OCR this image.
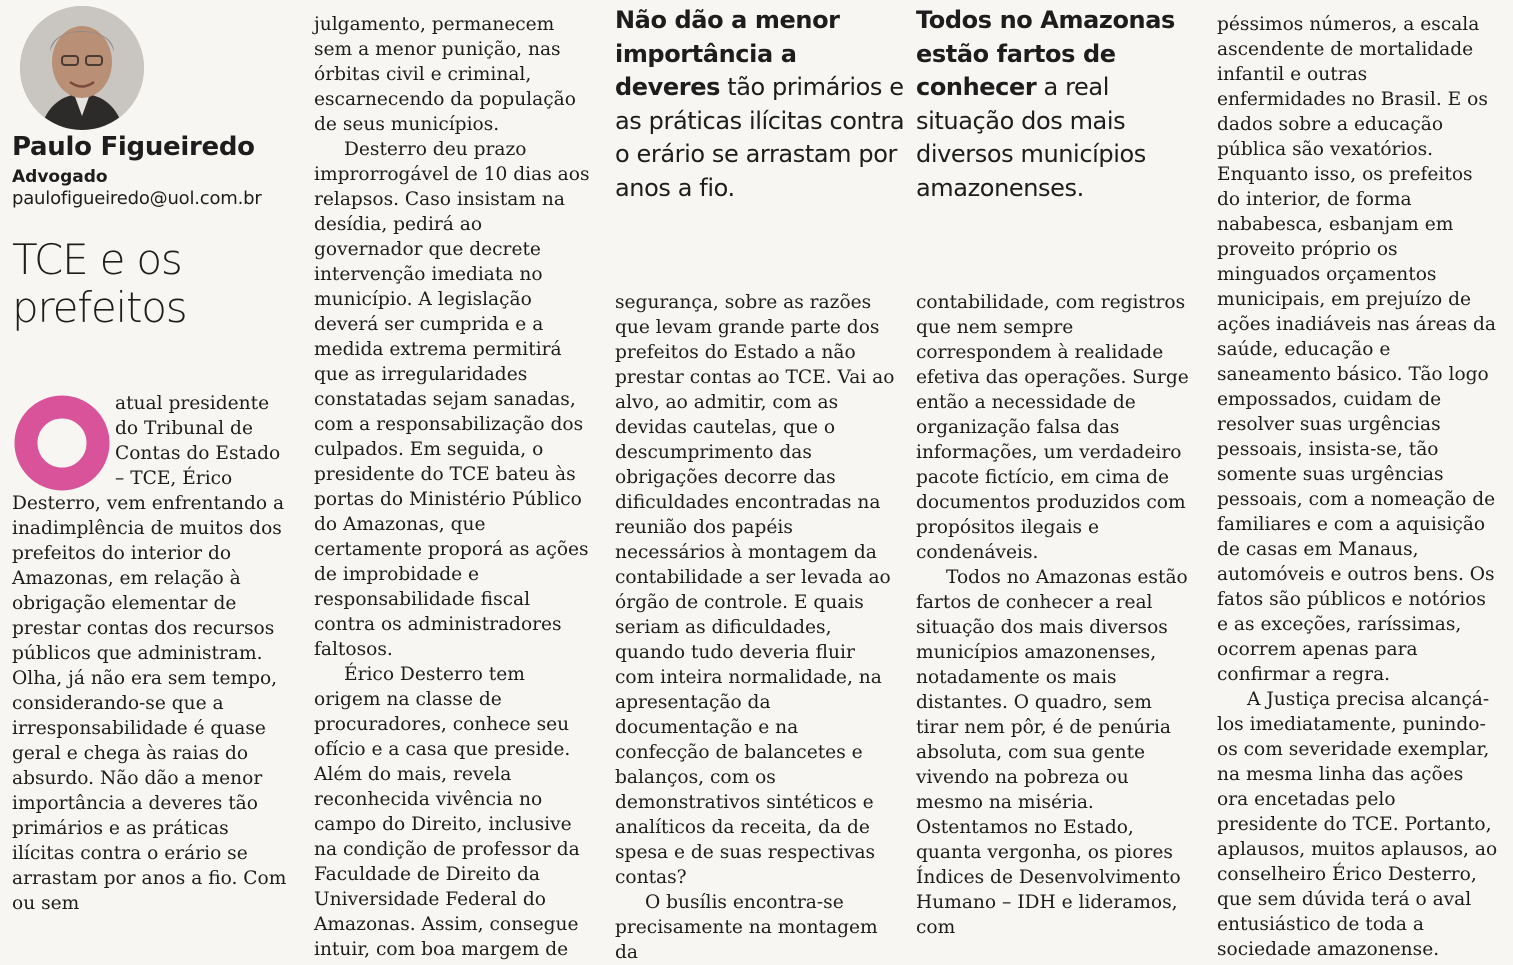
Paulo Figueiredo
Advogado
paulofigueiredo@uol.com.br
TCE e os prefeitos
atual presidente do Tribunal de Contas do Estado – TCE, Érico Desterro, vem enfrentando a inadimplência de muitos dos prefeitos do interior do Amazonas, em relação à obrigação elementar de prestar contas dos recursos públicos que administram. Olha, já não era sem tempo, considerando-se que a irresponsabilidade é quase geral e chega às raias do absurdo. Não dão a menor importância a deveres tão primários e as práticas ilícitas contra o erário se arrastam por anos a fio. Com ou sem

julgamento, permanecem sem a menor punição, nas órbitas civil e criminal, escarnecendo da população de seus municípios.

Desterro deu prazo improrrogável de 10 dias aos relapsos. Caso insistam na desídia, pedirá ao governador que decrete intervenção imediata no município. A legislação deverá ser cumprida e a medida extrema permitirá que as irregularidades constatadas sejam sanadas, com a responsabilização dos culpados. Em seguida, o presidente do TCE bateu às portas do Ministério Público do Amazonas, que certamente proporá as ações de improbidade e responsabilidade fiscal contra os administradores faltosos.

Érico Desterro tem origem na classe de procuradores, conhece seu ofício e a casa que preside. Além do mais, revela reconhecida vivência no campo do Direito, inclusive na condição de professor da Faculdade de Direito da Universidade Federal do Amazonas. Assim, consegue intuir, com boa margem de

Não dão a menor importância a deveres tão primários e as práticas ilícitas contra o erário se arrastam por anos a fio.

segurança, sobre as razões que levam grande parte dos prefeitos do Estado a não prestar contas ao TCE. Vai ao alvo, ao admitir, com as devidas cautelas, que o descumprimento das obrigações decorre das dificuldades encontradas na reunião dos papéis necessários à montagem da contabilidade a ser levada ao órgão de controle. E quais seriam as dificuldades, quando tudo deveria fluir com inteira normalidade, na apresentação da documentação e na confecção de balancetes e balanços, com os demonstrativos sintéticos e analíticos da receita, da de spesa e de suas respectivas contas?

O busílis encontra-se precisamente na montagem da

Todos no Amazonas estão fartos de conhecer a real situação dos mais diversos municípios amazonenses.

contabilidade, com registros que nem sempre correspondem à realidade efetiva das operações. Surge então a necessidade de organização falsa das informações, um verdadeiro pacote fictício, em cima de documentos produzidos com propósitos ilegais e condenáveis.

Todos no Amazonas estão fartos de conhecer a real situação dos mais diversos municípios amazonenses, notadamente os mais distantes. O quadro, sem tirar nem pôr, é de penúria absoluta, com sua gente vivendo na pobreza ou mesmo na miséria. Ostentamos no Estado, quanta vergonha, os piores Índices de Desenvolvimento Humano – IDH e lideramos, com

péssimos números, a escala ascendente de mortalidade infantil e outras enfermidades no Brasil. E os dados sobre a educação pública são vexatórios. Enquanto isso, os prefeitos do interior, de forma nababesca, esbanjam em proveito próprio os minguados orçamentos municipais, em prejuízo de ações inadiáveis nas áreas da saúde, educação e saneamento básico. Tão logo empossados, cuidam de resolver suas urgências pessoais, insista-se, tão somente suas urgências pessoais, com a nomeação de familiares e com a aquisição de casas em Manaus, automóveis e outros bens. Os fatos são públicos e notórios e as exceções, raríssimas, ocorrem apenas para confirmar a regra.

A Justiça precisa alcançá-los imediatamente, punindo-os com severidade exemplar, na mesma linha das ações ora encetadas pelo presidente do TCE. Portanto, aplausos, muitos aplausos, ao conselheiro Érico Desterro, que sem dúvida terá o aval entusiástico de toda a sociedade amazonense.
